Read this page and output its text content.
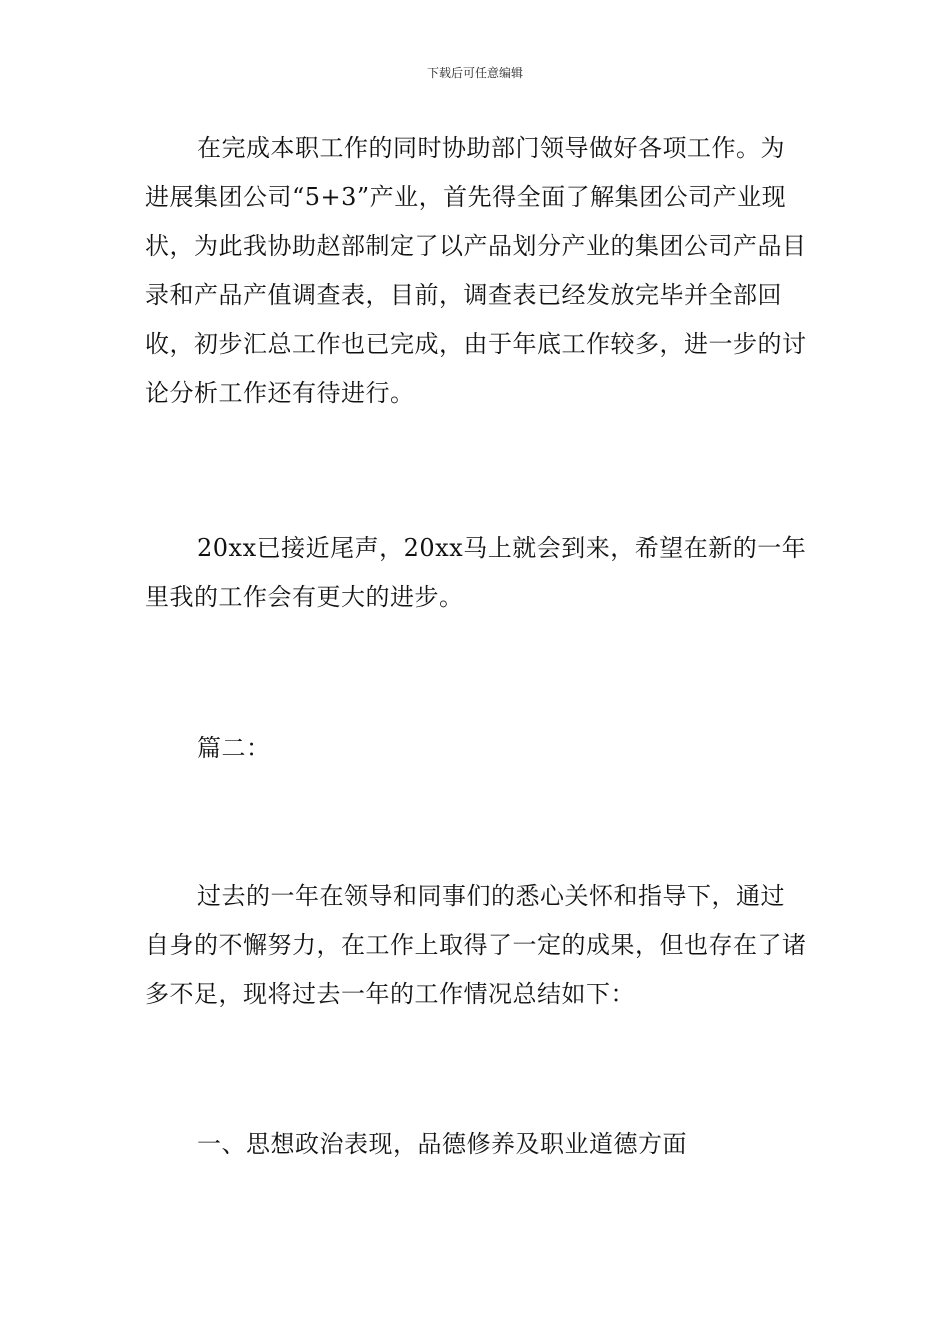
下载后可任意编辑

在完成本职工作的同时协助部门领导做好各项工作。为进展集团公司“5+3”产业，首先得全面了解集团公司产业现状，为此我协助赵部制定了以产品划分产业的集团公司产品目录和产品产值调查表，目前，调查表已经发放完毕并全部回收，初步汇总工作也已完成，由于年底工作较多，进一步的讨论分析工作还有待进行。

20xx已接近尾声，20xx马上就会到来，希望在新的一年里我的工作会有更大的进步。

篇二：

过去的一年在领导和同事们的悉心关怀和指导下，通过自身的不懈努力，在工作上取得了一定的成果，但也存在了诸多不足，现将过去一年的工作情况总结如下：

一、思想政治表现，品德修养及职业道德方面
